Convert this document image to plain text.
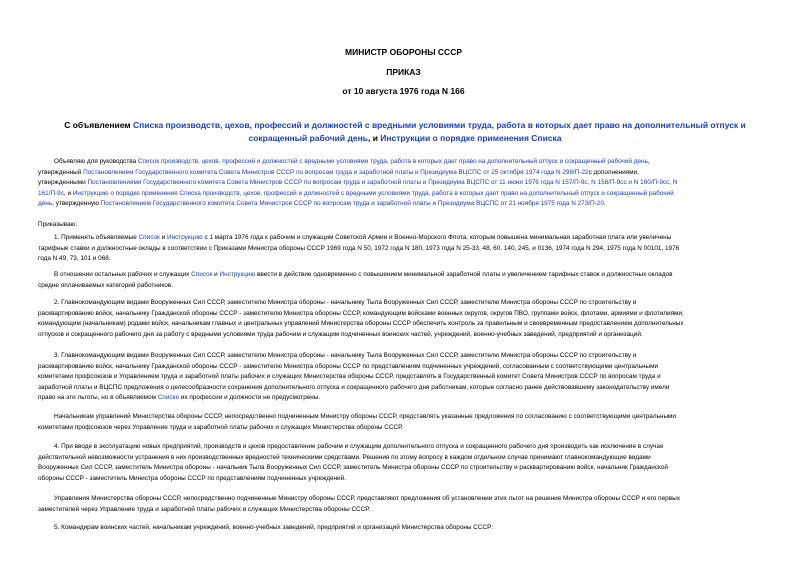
МИНИСТР ОБОРОНЫ СССР
ПРИКАЗ
от 10 августа 1976 года N 166
С объявлением Списка производств, цехов, профессий и должностей с вредными условиями труда, работа в которых дает право на дополнительный отпуск и сокращенный рабочий день, и Инструкции о порядке применения Списка
Объявляю для руководства Список производств, цехов, профессий и должностей с вредными условиями труда, работа в которых дает право на дополнительный отпуск и сокращенный рабочий день,
утвержденный Постановлением Государственного комитета Совета Министров СССР по вопросам труда и заработной платы и Президиума ВЦСПС от 25 октября 1974 года N 298/П-22с дополнениями,
утвержденными Постановлениями Государственного комитета Совета Министров СССР по вопросам труда и заработной платы и Президиума ВЦСПС от 11 июня 1976 года N 157/П-9с, N 158/П-9сс и N 160/П-9сс, N
161/П-9с, и Инструкцию о порядке применения Списка производств, цехов, профессий и должностей с вредными условиями труда, работа в которых дает право на дополнительный отпуск и сокращенный рабочий
день, утвержденную Постановлением Государственного комитета Совета Министров СССР по вопросам труда и заработной платы и Президиума ВЦСПС от 21 ноября 1975 года N 273/П-20.
Приказываю:
1. Применять объявляемые Список и Инструкцию с 1 марта 1976 года к рабочим и служащим Советской Армии и Военно-Морского Флота, которым повышена минимальная заработная плата или увеличены
тарифные ставки и должностные оклады в соответствии с Приказами Министра обороны СССР 1969 года N 50, 1972 года N 180, 1973 года N 25-33, 48, 60, 140, 245, и 0136, 1974 года N 294, 1975 года N 00101, 1976
года N 49, 73, 101 и 068.
В отношении остальных рабочих и служащих Список и Инструкцию ввести в действие одновременно с повышением минимальной заработной платы и увеличением тарифных ставок и должностных окладов
средне оплачиваемых категорий работников.
2. Главнокомандующим видами Вооруженных Сил СССР, заместителю Министра обороны - начальнику Тыла Вооруженных Сил СССР, заместителю Министра обороны СССР по строительству и
расквартированию войск, начальнику Гражданской обороны СССР - заместителю Министра обороны СССР, командующим войсками военных округов, округов ПВО, группами войск, флотами, армиями и флотилиями,
командующим (начальникам) родами войск, начальникам главных и центральных управлений Министерства обороны СССР обеспечить контроль за правильным и своевременным предоставлением дополнительных
отпусков и сокращенного рабочего дня за работу с вредными условиями труда рабочим и служащим подчиненных воинских частей, учреждений, военно-учебных заведений, предприятий и организаций.
3. Главнокомандующим видами Вооруженных Сил СССР, заместителю Министра обороны - начальнику Тыла Вооруженных Сил СССР, заместителю Министра обороны СССР по строительству и
расквартированию войск, начальнику Гражданской обороны СССР - заместителю Министра обороны СССР по представлениям подчиненных учреждений, согласованным с соответствующими центральными
комитетами профсоюзов и Управлением труда и заработной платы рабочих и служащих Министерства обороны СССР, представлять в Государственный комитет Совета Министров СССР по вопросам труда и
заработной платы и ВЦСПС предложения о целесообразности сохранения дополнительного отпуска и сокращенного рабочего дня работникам, которые согласно ранее действовавшему законодательству имели
право на эти льготы, но в объявляемом Списке их профессии и должности не предусмотрены.
Начальникам управлений Министерства обороны СССР, непосредственно подчиненным Министру обороны СССР, представлять указанные предложения по согласованию с соответствующими центральными
комитетами профсоюзов через Управление труда и заработной платы рабочих и служащих Министерства обороны СССР.
4. При вводе в эксплуатацию новых предприятий, производств и цехов предоставление рабочим и служащим дополнительного отпуска и сокращенного рабочего дня производить как исключение в случае
действительной невозможности устранения в них производственных вредностей техническими средствами. Решения по этому вопросу в каждом отдельном случае принимают главнокомандующие видами
Вооруженных Сил СССР, заместитель Министра обороны - начальник Тыла Вооруженных Сил СССР, заместитель Министра обороны СССР по строительству и расквартированию войск, начальник Гражданской
обороны СССР - заместитель Министра обороны СССР по представлениям подчиненных учреждений.
Управления Министерства обороны СССР, непосредственно подчиненные Министру обороны СССР, представляют предложения об установлении этих льгот на решение Министра обороны СССР и его первых
заместителей через Управление труда и заработной платы рабочих и служащих Министерства обороны СССР.
5. Командирам воинских частей, начальникам учреждений, военно-учебных заведений, предприятий и организаций Министерства обороны СССР:
